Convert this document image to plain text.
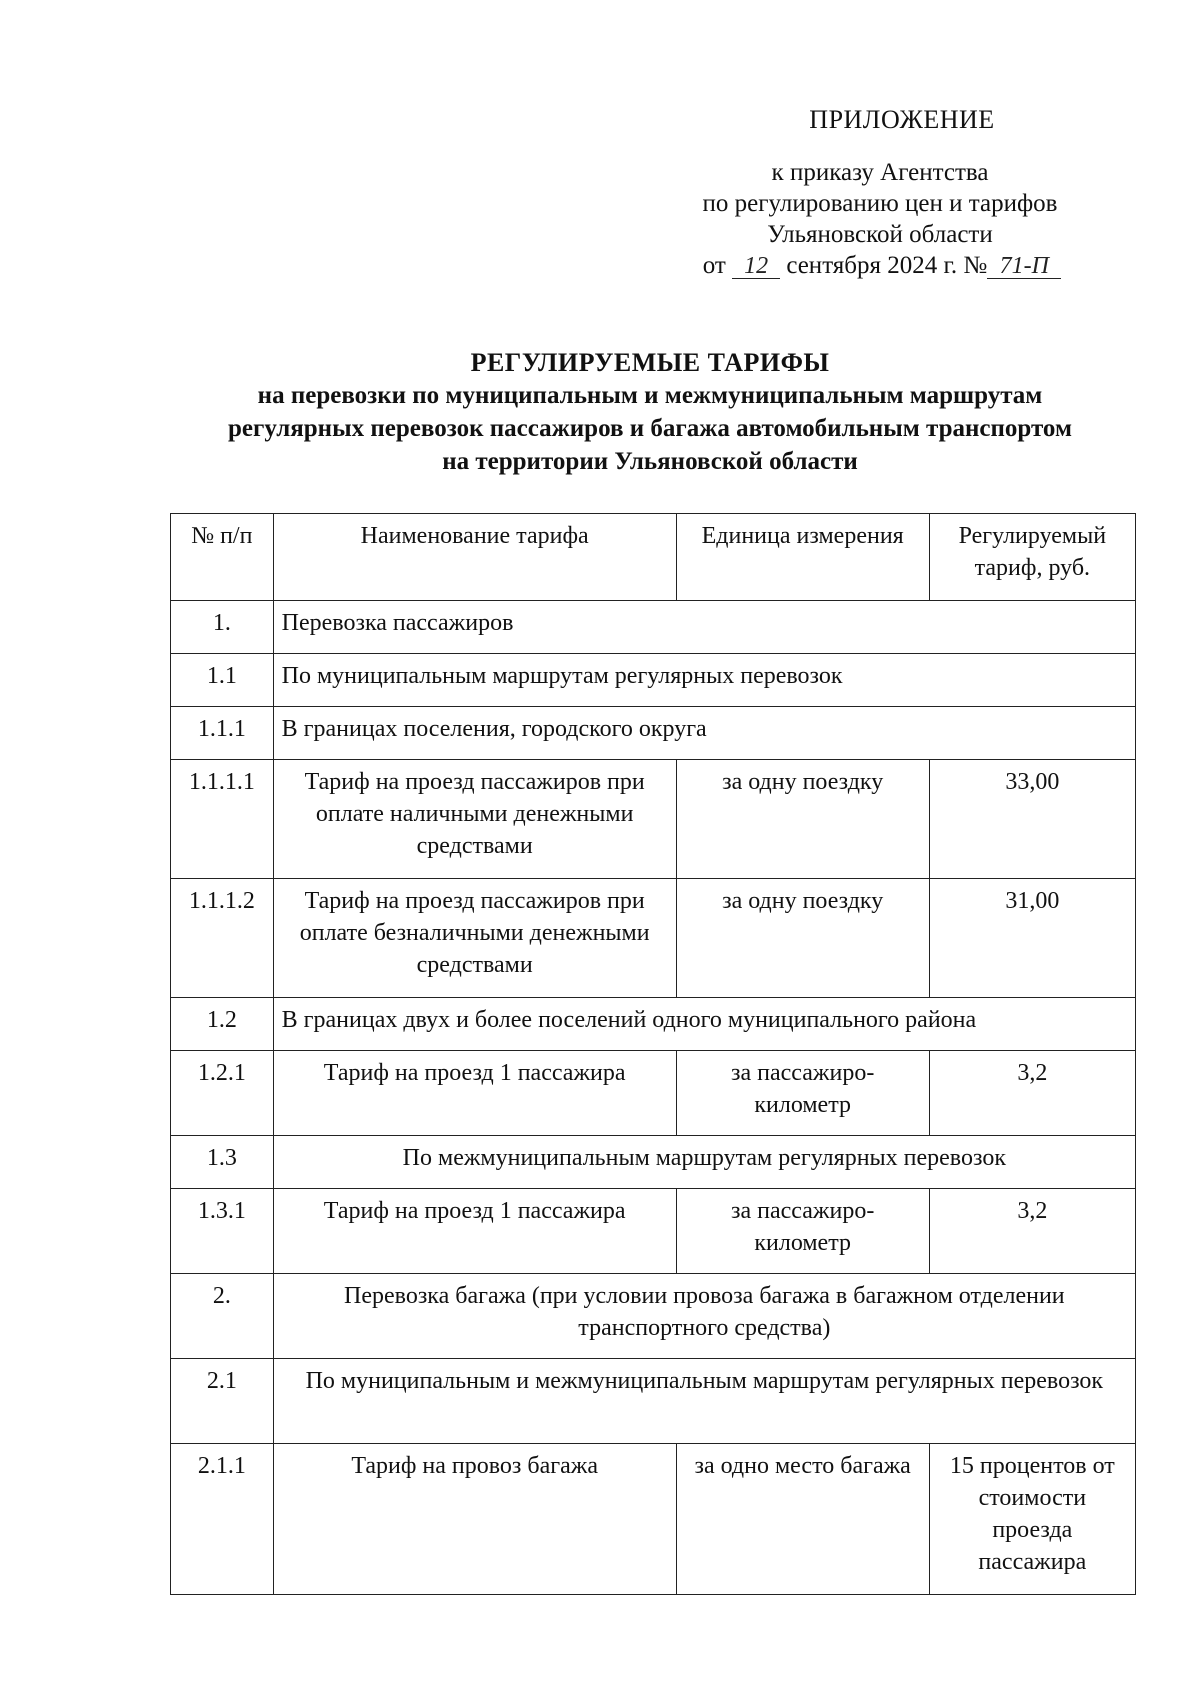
ПРИЛОЖЕНИЕ
к приказу Агентства
по регулированию цен и тарифов
Ульяновской области
от 12 сентября 2024 г. № 71-П
РЕГУЛИРУЕМЫЕ ТАРИФЫ
на перевозки по муниципальным и межмуниципальным маршрутам
регулярных перевозок пассажиров и багажа автомобильным транспортом
на территории Ульяновской области
№ п/п	Наименование тарифа	Единица измерения	Регулируемый тариф, руб.
1.	Перевозка пассажиров		
1.1	По муниципальным маршрутам регулярных перевозок		
1.1.1	В границах поселения, городского округа		
1.1.1.1	Тариф на проезд пассажиров при оплате наличными денежными средствами	за одну поездку	33,00
1.1.1.2	Тариф на проезд пассажиров при оплате безналичными денежными средствами	за одну поездку	31,00
1.2	В границах двух и более поселений одного муниципального района		
1.2.1	Тариф на проезд 1 пассажира	за пассажиро-километр	3,2
1.3	По межмуниципальным маршрутам регулярных перевозок		
1.3.1	Тариф на проезд 1 пассажира	за пассажиро-километр	3,2
2.	Перевозка багажа (при условии провоза багажа в багажном отделении транспортного средства)		
2.1	По муниципальным и межмуниципальным маршрутам регулярных перевозок		
2.1.1	Тариф на провоз багажа	за одно место багажа	15 процентов от стоимости проезда пассажира
